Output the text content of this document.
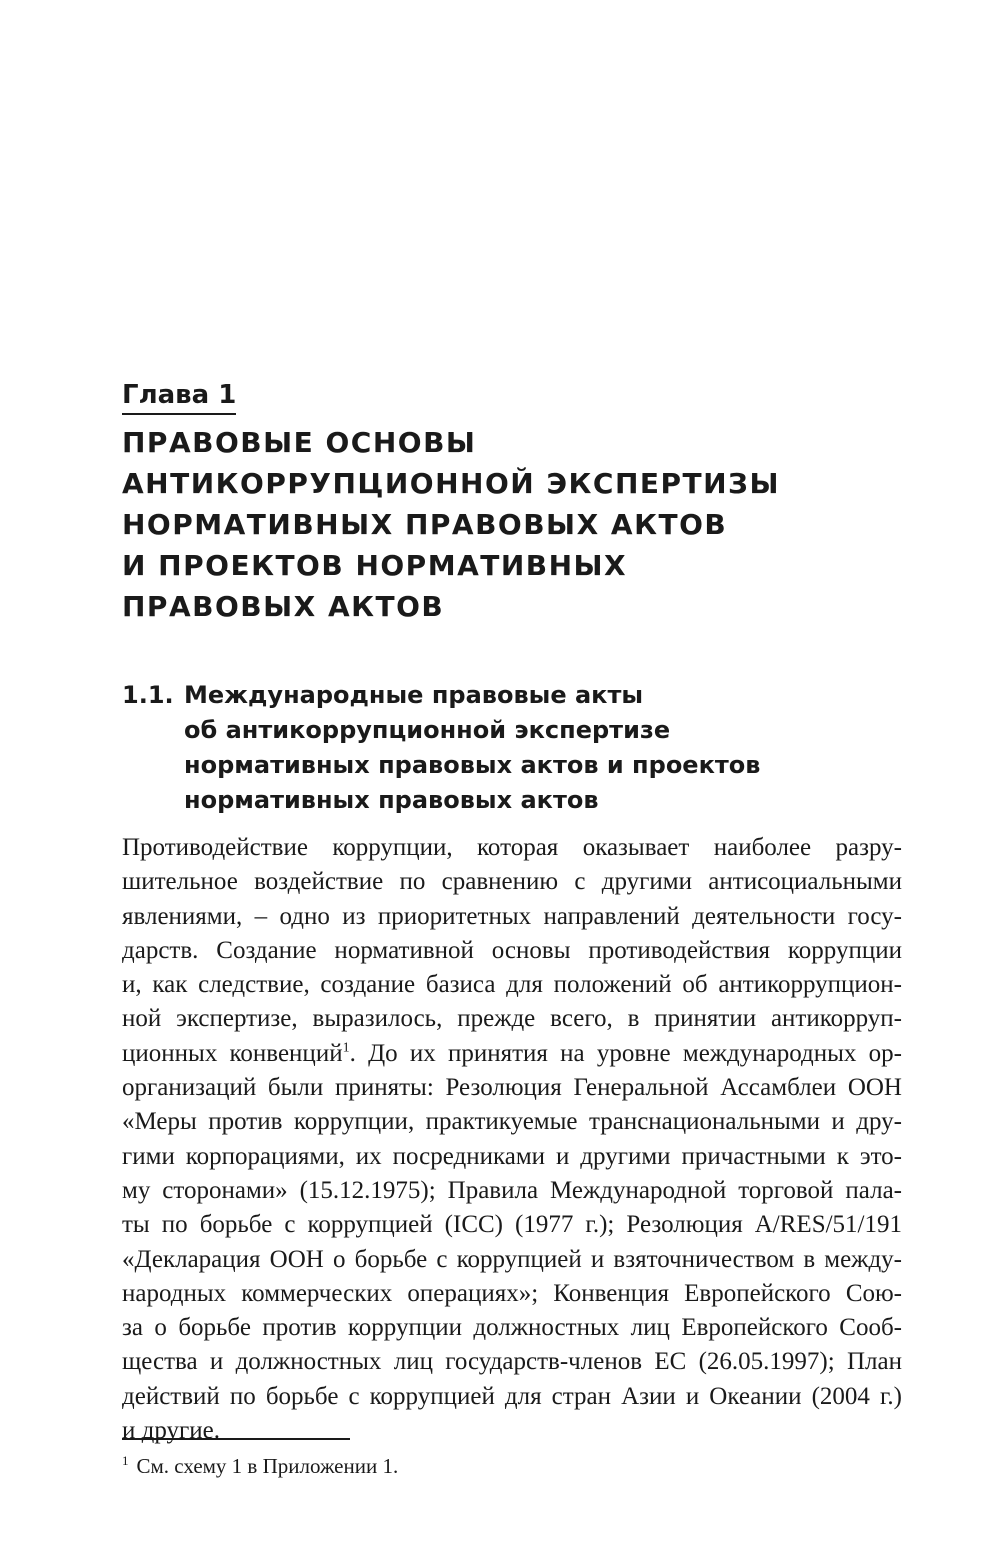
Глава 1
ПРАВОВЫЕ ОСНОВЫ
АНТИКОРРУПЦИОННОЙ ЭКСПЕРТИЗЫ
НОРМАТИВНЫХ ПРАВОВЫХ АКТОВ
И ПРОЕКТОВ НОРМАТИВНЫХ
ПРАВОВЫХ АКТОВ
1.1. Международные правовые акты
об антикоррупционной экспертизе
нормативных правовых актов и проектов
нормативных правовых актов
Противодействие коррупции, которая оказывает наиболее разру-
шительное воздействие по сравнению с другими антисоциальными
явлениями, – одно из приоритетных направлений деятельности госу-
дарств. Создание нормативной основы противодействия коррупции
и, как следствие, создание базиса для положений об антикоррупцион-
ной экспертизе, выразилось, прежде всего, в принятии антикорруп-
ционных конвенций$^1$. До их принятия на уровне международных ор-
организаций были приняты: Резолюция Генеральной Ассамблеи ООН
«Меры против коррупции, практикуемые транснациональными и дру-
гими корпорациями, их посредниками и другими причастными к это-
му сторонами» (15.12.1975); Правила Международной торговой пала-
ты по борьбе с коррупцией (ICC) (1977 г.); Резолюция A/RES/51/191
«Декларация ООН о борьбе с коррупцией и взяточничеством в между-
народных коммерческих операциях»; Конвенция Европейского Сою-
за о борьбе против коррупции должностных лиц Европейского Сооб-
щества и должностных лиц государств-членов ЕС (26.05.1997); План
действий по борьбе с коррупцией для стран Азии и Океании (2004 г.)
и другие.

$^1$ См. схему 1 в Приложении 1.
